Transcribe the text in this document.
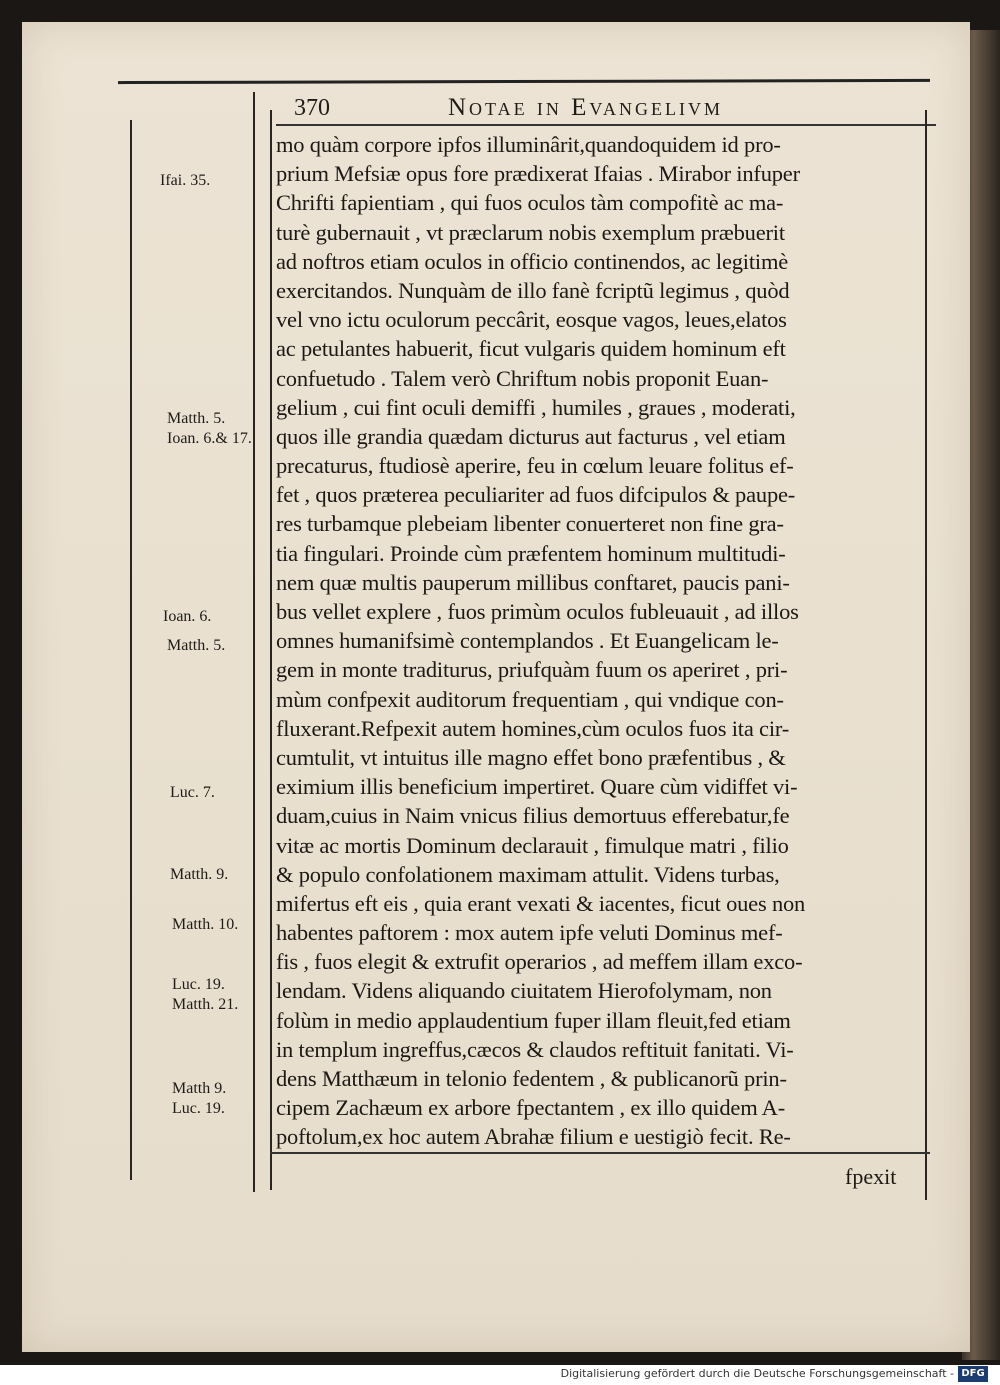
370	Notae in Evangelivm
Ifai. 35.
Matth. 5.
Ioan. 6.& 17.
Ioan. 6.
Matth. 5.
Luc. 7.
Matth. 9.
Matth. 10.
Luc. 19.
Matth. 21.
Matth 9.
Luc. 19.
mo quàm corpore ipfos illuminârit,quandoquidem id pro-
prium Mefsiæ opus fore prædixerat Ifaias . Mirabor infuper
Chrifti fapientiam , qui fuos oculos tàm compofitè ac ma-
turè gubernauit , vt præclarum nobis exemplum præbuerit
ad noftros etiam oculos in officio continendos, ac legitimè
exercitandos. Nunquàm de illo fanè fcriptũ legimus , quòd
vel vno ictu oculorum peccârit, eosque vagos, leues,elatos
ac petulantes habuerit, ficut vulgaris quidem hominum eft
confuetudo . Talem verò Chriftum nobis proponit Euan-
gelium , cui fint oculi demiffi , humiles , graues , moderati,
quos ille grandia quædam dicturus aut facturus , vel etiam
precaturus, ftudiosè aperire, feu in cœlum leuare folitus ef-
fet , quos præterea peculiariter ad fuos difcipulos & paupe-
res turbamque plebeiam libenter conuerteret non fine gra-
tia fingulari. Proinde cùm præfentem hominum multitudi-
nem quæ multis pauperum millibus conftaret, paucis pani-
bus vellet explere , fuos primùm oculos fubleuauit , ad illos
omnes humanifsimè contemplandos . Et Euangelicam le-
gem in monte traditurus, priufquàm fuum os aperiret , pri-
mùm confpexit auditorum frequentiam , qui vndique con-
fluxerant.Refpexit autem homines,cùm oculos fuos ita cir-
cumtulit, vt intuitus ille magno effet bono præfentibus , &
eximium illis beneficium impertiret. Quare cùm vidiffet vi-
duam,cuius in Naim vnicus filius demortuus efferebatur,fe
vitæ ac mortis Dominum declarauit , fimulque matri , filio
& populo confolationem maximam attulit. Videns turbas,
mifertus eft eis , quia erant vexati & iacentes, ficut oues non
habentes paftorem : mox autem ipfe veluti Dominus mef-
fis , fuos elegit & extrufit operarios , ad meffem illam exco-
lendam. Videns aliquando ciuitatem Hierofolymam, non
folùm in medio applaudentium fuper illam fleuit,fed etiam
in templum ingreffus,cæcos & claudos reftituit fanitati. Vi-
dens Matthæum in telonio fedentem , & publicanorũ prin-
cipem Zachæum ex arbore fpectantem , ex illo quidem A-
poftolum,ex hoc autem Abrahæ filium e uestigiò fecit. Re-
fpexit
Digitalisierung gefördert durch die Deutsche Forschungsgemeinschaft - DFG
